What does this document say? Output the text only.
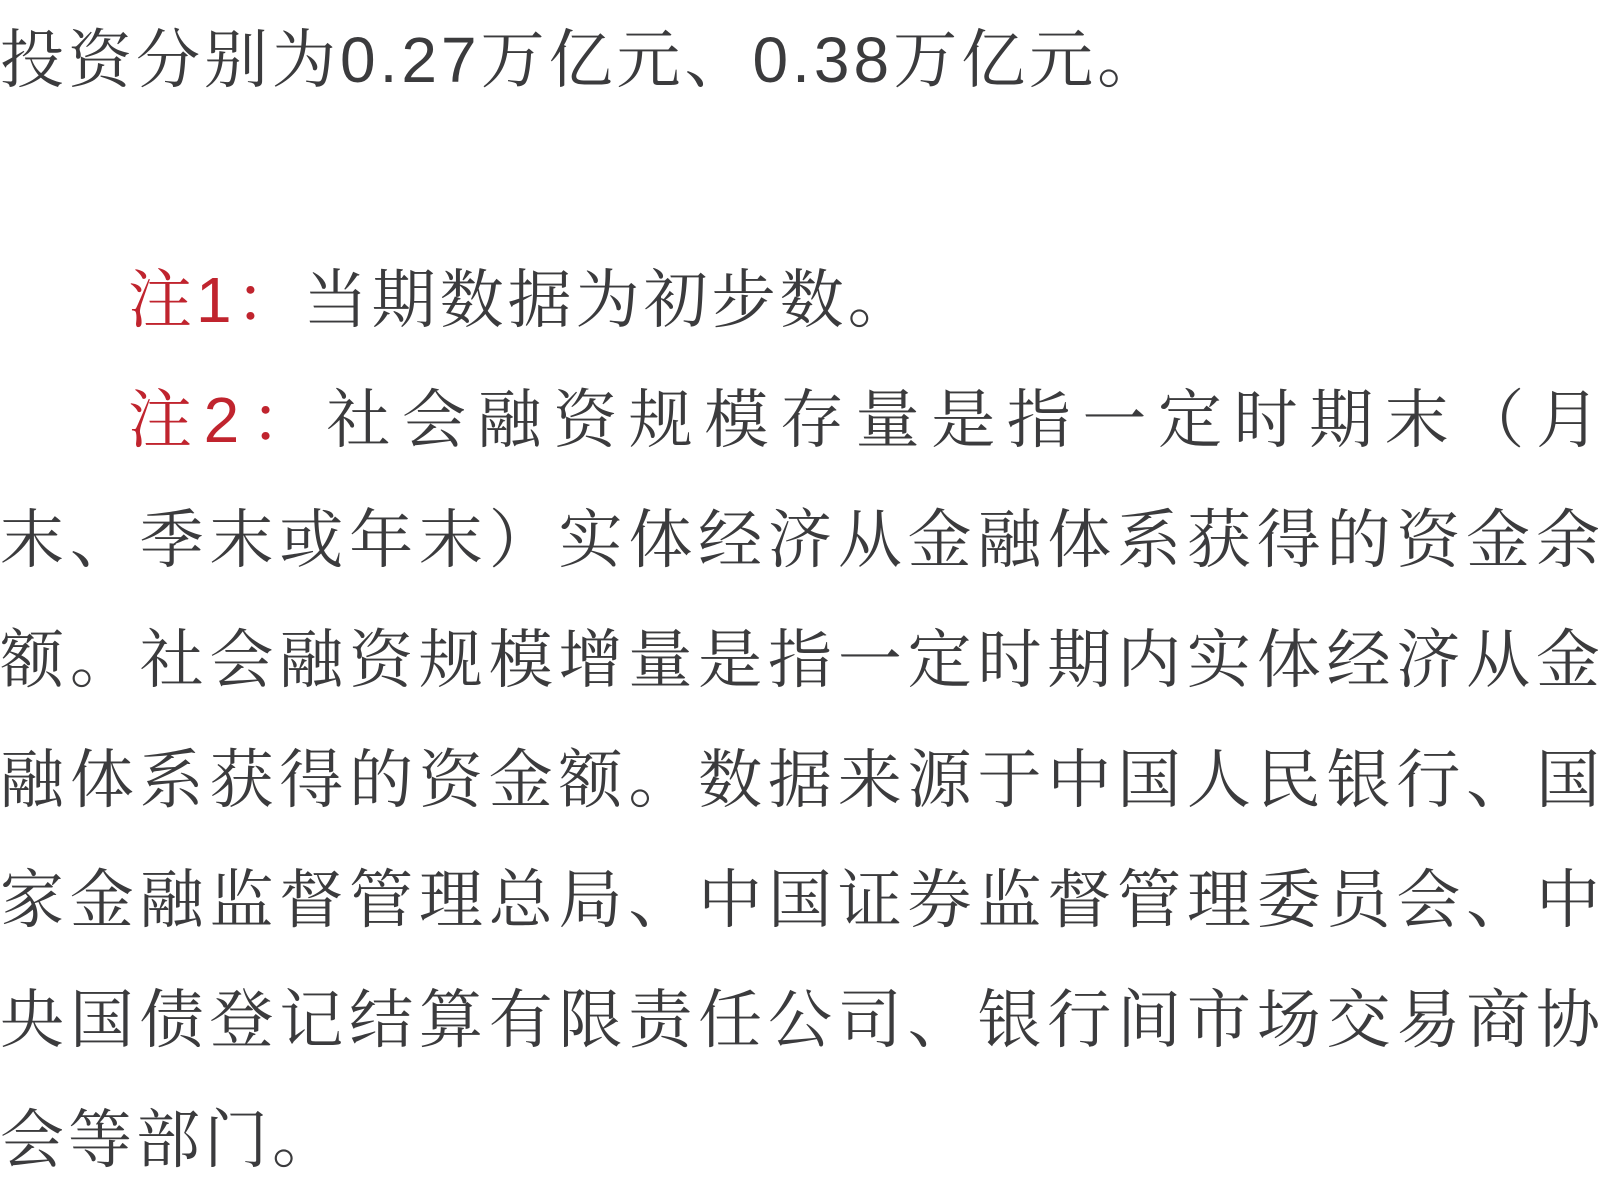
投资分别为0.27万亿元、0.38万亿元。
注1：当期数据为初步数。
注2：社会融资规模存量是指一定时期末（月
末、季末或年末）实体经济从金融体系获得的资金余
额。社会融资规模增量是指一定时期内实体经济从金
融体系获得的资金额。数据来源于中国人民银行、国
家金融监督管理总局、中国证券监督管理委员会、中
央国债登记结算有限责任公司、银行间市场交易商协
会等部门。
